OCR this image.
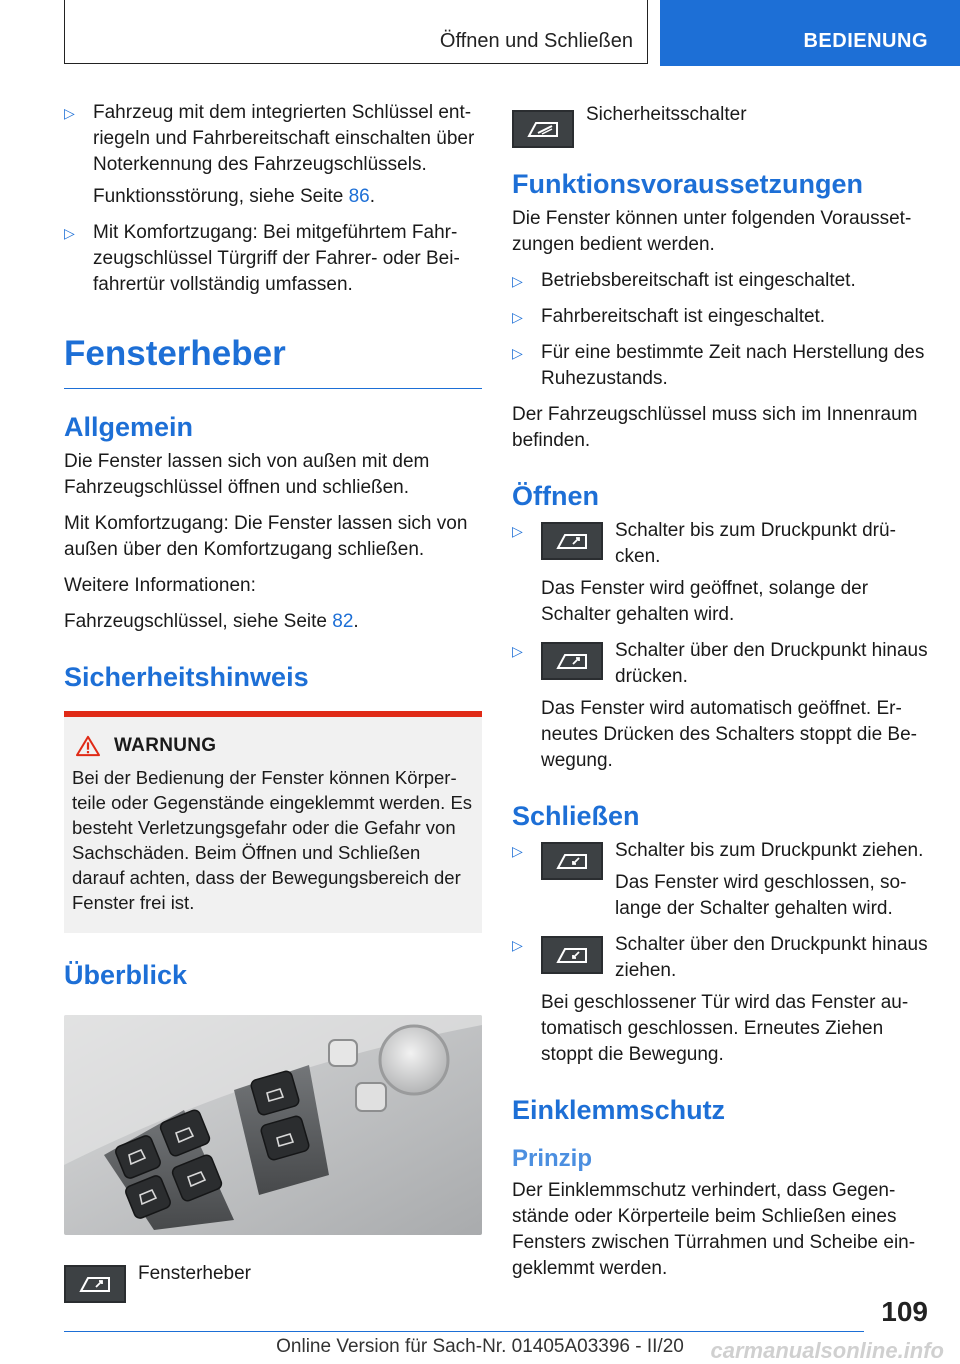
Öffnen und Schließen	BEDIENUNG
▷ Fahrzeug mit dem integrierten Schlüssel entriegeln und Fahrbereitschaft einschalten über Noterkennung des Fahrzeugschlüssels.

Funktionsstörung, siehe Seite 86.

▷ Mit Komfortzugang: Bei mitgeführtem Fahrzeugschlüssel Türgriff der Fahrer- oder Beifahrertür vollständig umfassen.

Fensterheber
Allgemein

Die Fenster lassen sich von außen mit dem Fahrzeugschlüssel öffnen und schließen.

Mit Komfortzugang: Die Fenster lassen sich von außen über den Komfortzugang schließen.

Weitere Informationen:

Fahrzeugschlüssel, siehe Seite 82.

Sicherheitshinweis
WARNUNG

Bei der Bedienung der Fenster können Körperteile oder Gegenstände eingeklemmt werden. Es besteht Verletzungsgefahr oder die Gefahr von Sachschäden. Beim Öffnen und Schließen darauf achten, dass der Bewegungsbereich der Fenster frei ist.

Überblick
Fensterheber
Sicherheitsschalter
Funktionsvoraussetzungen

Die Fenster können unter folgenden Voraussetzungen bedient werden.

▷ Betriebsbereitschaft ist eingeschaltet.

▷ Fahrbereitschaft ist eingeschaltet.

▷ Für eine bestimmte Zeit nach Herstellung des Ruhezustands.

Der Fahrzeugschlüssel muss sich im Innenraum befinden.

Öffnen
▷	Schalter bis zum Druckpunkt drücken.

Das Fenster wird geöffnet, solange der Schalter gehalten wird.

▷	Schalter über den Druckpunkt hinaus drücken.

Das Fenster wird automatisch geöffnet. Erneutes Drücken des Schalters stoppt die Bewegung.

Schließen
▷	Schalter bis zum Druckpunkt ziehen.
Das Fenster wird geschlossen, solange der Schalter gehalten wird.
▷	Schalter über den Druckpunkt hinaus ziehen.

Bei geschlossener Tür wird das Fenster automatisch geschlossen. Erneutes Ziehen stoppt die Bewegung.

Einklemmschutz
Prinzip

Der Einklemmschutz verhindert, dass Gegenstände oder Körperteile beim Schließen eines Fensters zwischen Türrahmen und Scheibe eingeklemmt werden.

109
Online Version für Sach-Nr. 01405A03396 - II/20	carmanualsonline.info
